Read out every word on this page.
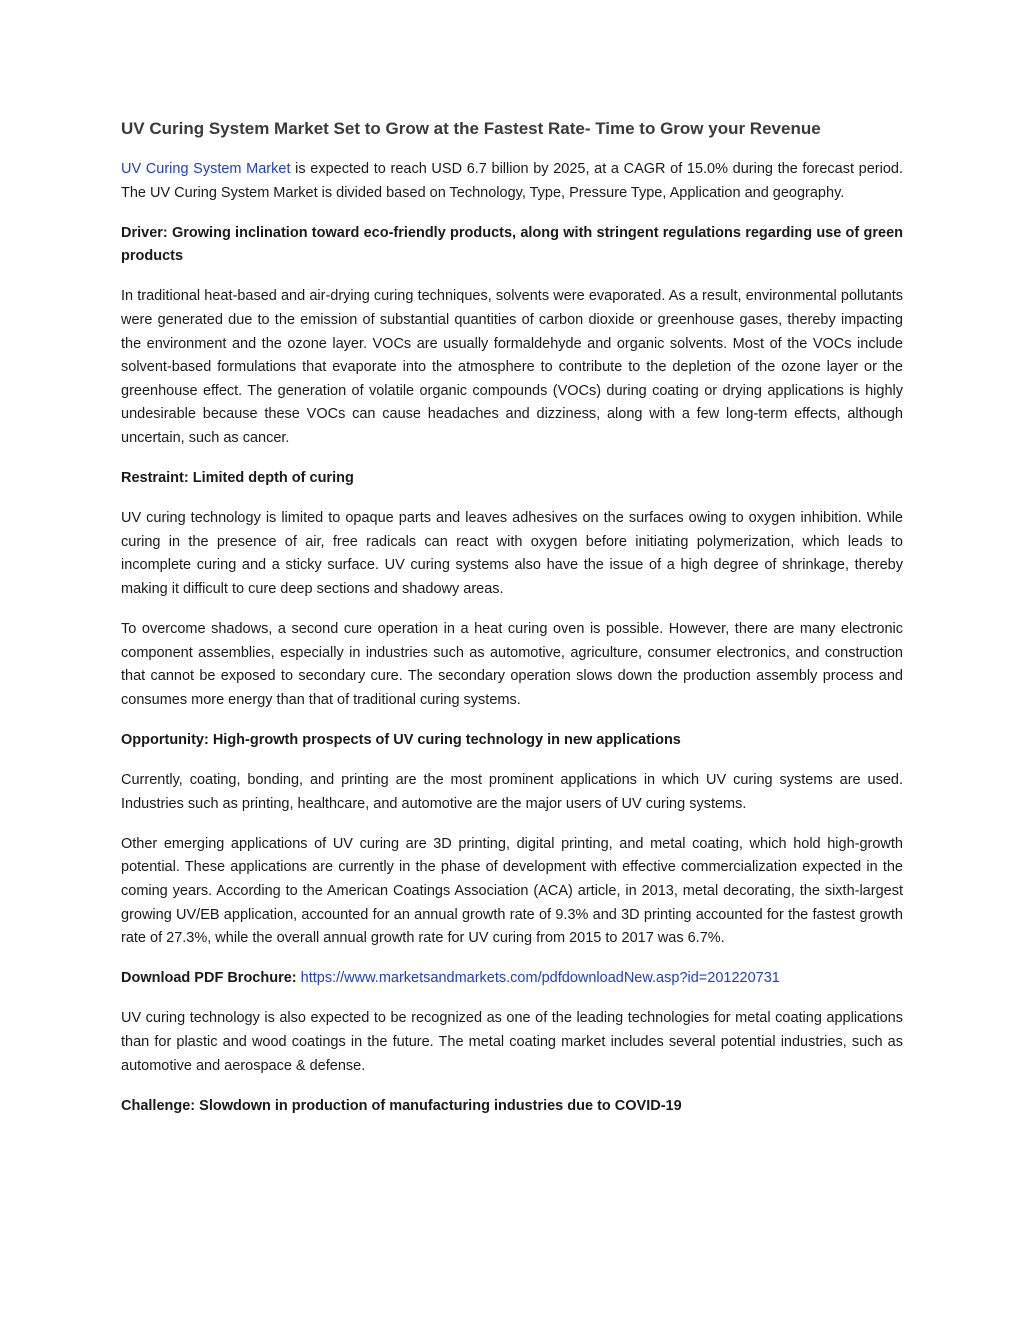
UV Curing System Market Set to Grow at the Fastest Rate- Time to Grow your Revenue

UV Curing System Market is expected to reach USD 6.7 billion by 2025, at a CAGR of 15.0% during the forecast period. The UV Curing System Market is divided based on Technology, Type, Pressure Type, Application and geography.

Driver: Growing inclination toward eco-friendly products, along with stringent regulations regarding use of green products

In traditional heat-based and air-drying curing techniques, solvents were evaporated. As a result, environmental pollutants were generated due to the emission of substantial quantities of carbon dioxide or greenhouse gases, thereby impacting the environment and the ozone layer. VOCs are usually formaldehyde and organic solvents. Most of the VOCs include solvent-based formulations that evaporate into the atmosphere to contribute to the depletion of the ozone layer or the greenhouse effect. The generation of volatile organic compounds (VOCs) during coating or drying applications is highly undesirable because these VOCs can cause headaches and dizziness, along with a few long-term effects, although uncertain, such as cancer.

Restraint: Limited depth of curing

UV curing technology is limited to opaque parts and leaves adhesives on the surfaces owing to oxygen inhibition. While curing in the presence of air, free radicals can react with oxygen before initiating polymerization, which leads to incomplete curing and a sticky surface. UV curing systems also have the issue of a high degree of shrinkage, thereby making it difficult to cure deep sections and shadowy areas.

To overcome shadows, a second cure operation in a heat curing oven is possible. However, there are many electronic component assemblies, especially in industries such as automotive, agriculture, consumer electronics, and construction that cannot be exposed to secondary cure. The secondary operation slows down the production assembly process and consumes more energy than that of traditional curing systems.

Opportunity: High-growth prospects of UV curing technology in new applications

Currently, coating, bonding, and printing are the most prominent applications in which UV curing systems are used. Industries such as printing, healthcare, and automotive are the major users of UV curing systems.

Other emerging applications of UV curing are 3D printing, digital printing, and metal coating, which hold high-growth potential. These applications are currently in the phase of development with effective commercialization expected in the coming years. According to the American Coatings Association (ACA) article, in 2013, metal decorating, the sixth-largest growing UV/EB application, accounted for an annual growth rate of 9.3% and 3D printing accounted for the fastest growth rate of 27.3%, while the overall annual growth rate for UV curing from 2015 to 2017 was 6.7%.

Download PDF Brochure: https://www.marketsandmarkets.com/pdfdownloadNew.asp?id=201220731

UV curing technology is also expected to be recognized as one of the leading technologies for metal coating applications than for plastic and wood coatings in the future. The metal coating market includes several potential industries, such as automotive and aerospace & defense.

Challenge: Slowdown in production of manufacturing industries due to COVID-19
